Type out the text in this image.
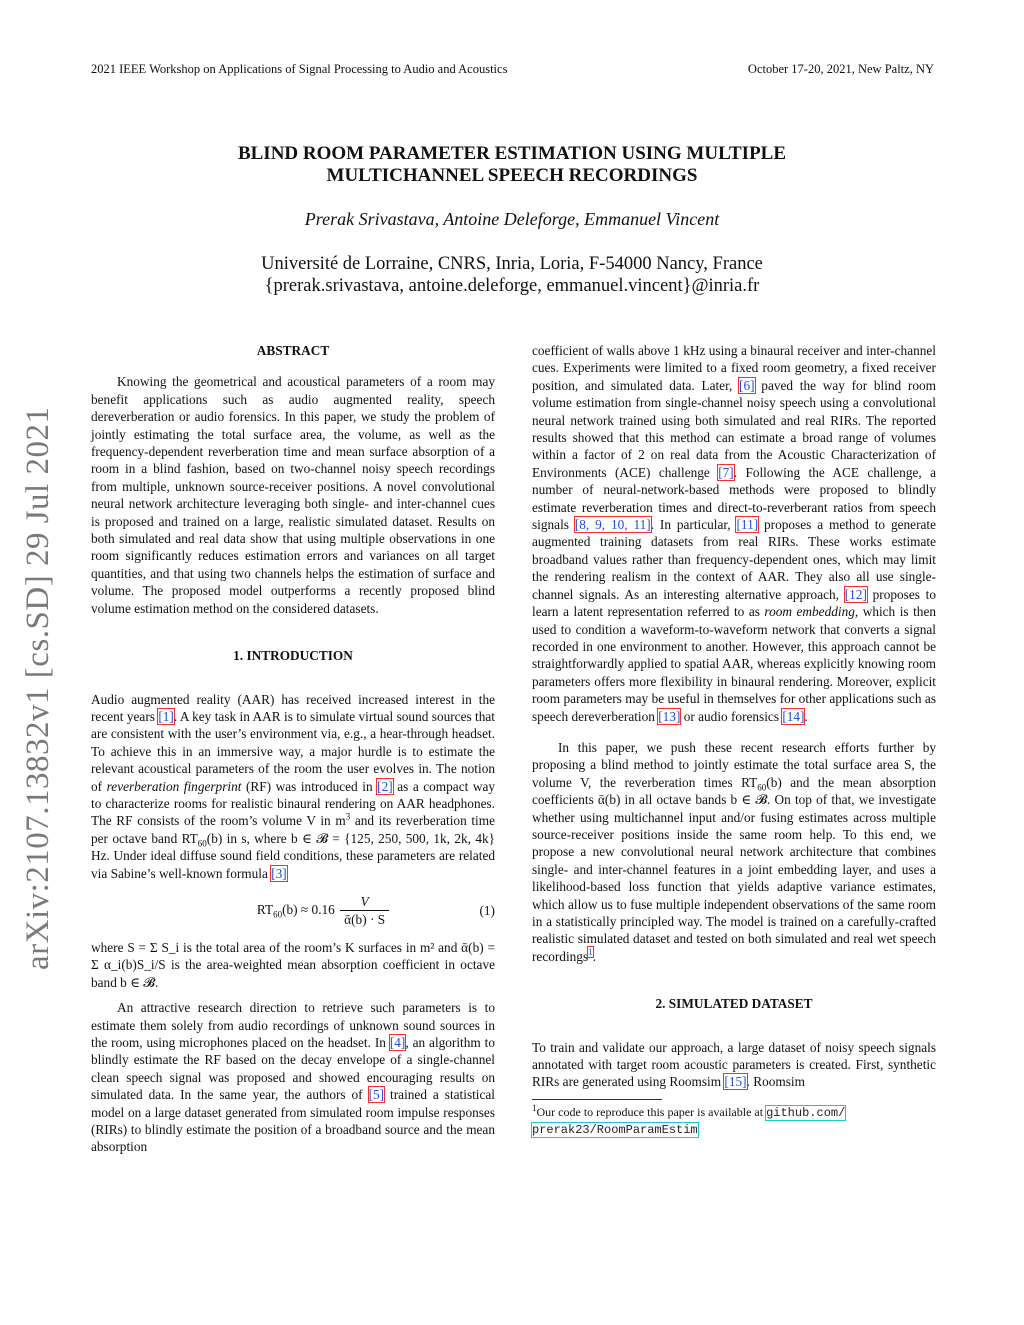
2021 IEEE Workshop on Applications of Signal Processing to Audio and Acoustics	October 17-20, 2021, New Paltz, NY
arXiv:2107.13832v1 [cs.SD] 29 Jul 2021
BLIND ROOM PARAMETER ESTIMATION USING MULTIPLE
MULTICHANNEL SPEECH RECORDINGS
Prerak Srivastava, Antoine Deleforge, Emmanuel Vincent
Université de Lorraine, CNRS, Inria, Loria, F-54000 Nancy, France
{prerak.srivastava, antoine.deleforge, emmanuel.vincent}@inria.fr

ABSTRACT

Knowing the geometrical and acoustical parameters of a room may benefit applications such as audio augmented reality, speech dereverberation or audio forensics. In this paper, we study the problem of jointly estimating the total surface area, the volume, as well as the frequency-dependent reverberation time and mean surface absorption of a room in a blind fashion, based on two-channel noisy speech recordings from multiple, unknown source-receiver positions. A novel convolutional neural network architecture leveraging both single- and inter-channel cues is proposed and trained on a large, realistic simulated dataset. Results on both simulated and real data show that using multiple observations in one room significantly reduces estimation errors and variances on all target quantities, and that using two channels helps the estimation of surface and volume. The proposed model outperforms a recently proposed blind volume estimation method on the considered datasets.

1. INTRODUCTION

Audio augmented reality (AAR) has received increased interest in the recent years [1]. A key task in AAR is to simulate virtual sound sources that are consistent with the user’s environment via, e.g., a hear-through headset. To achieve this in an immersive way, a major hurdle is to estimate the relevant acoustical parameters of the room the user evolves in. The notion of reverberation fingerprint (RF) was introduced in [2] as a compact way to characterize rooms for realistic binaural rendering on AAR headphones. The RF consists of the room’s volume V in $m^3$ and its reverberation time per octave band $RT_{60}(b)$ in s, where b ∈ 𝓑 = {125, 250, 500, 1k, 2k, 4k} Hz. Under ideal diffuse sound field conditions, these parameters are related via Sabine’s well-known formula [3]

$RT_{60}(b) \approx 0.16 \frac{V}{\text{ᾱ(b) · S}}$	(1)

where S = Σ S_i is the total area of the room’s K surfaces in m² and ᾱ(b) = Σ α_i(b)S_i/S is the area-weighted mean absorption coefficient in octave band b ∈ 𝓑.

An attractive research direction to retrieve such parameters is to estimate them solely from audio recordings of unknown sound sources in the room, using microphones placed on the headset. In [4], an algorithm to blindly estimate the RF based on the decay envelope of a single-channel clean speech signal was proposed and showed encouraging results on simulated data. In the same year, the authors of [5] trained a statistical model on a large dataset generated from simulated room impulse responses (RIRs) to blindly estimate the position of a broadband source and the mean absorption

coefficient of walls above 1 kHz using a binaural receiver and inter-channel cues. Experiments were limited to a fixed room geometry, a fixed receiver position, and simulated data. Later, [6] paved the way for blind room volume estimation from single-channel noisy speech using a convolutional neural network trained using both simulated and real RIRs. The reported results showed that this method can estimate a broad range of volumes within a factor of 2 on real data from the Acoustic Characterization of Environments (ACE) challenge [7]. Following the ACE challenge, a number of neural-network-based methods were proposed to blindly estimate reverberation times and direct-to-reverberant ratios from speech signals [8, 9, 10, 11]. In particular, [11] proposes a method to generate augmented training datasets from real RIRs. These works estimate broadband values rather than frequency-dependent ones, which may limit the rendering realism in the context of AAR. They also all use single-channel signals. As an interesting alternative approach, [12] proposes to learn a latent representation referred to as room embedding, which is then used to condition a waveform-to-waveform network that converts a signal recorded in one environment to another. However, this approach cannot be straightforwardly applied to spatial AAR, whereas explicitly knowing room parameters offers more flexibility in binaural rendering. Moreover, explicit room parameters may be useful in themselves for other applications such as speech dereverberation [13] or audio forensics [14].

In this paper, we push these recent research efforts further by proposing a blind method to jointly estimate the total surface area S, the volume V, the reverberation times $RT_{60}(b)$ and the mean absorption coefficients ᾱ(b) in all octave bands b ∈ 𝓑. On top of that, we investigate whether using multichannel input and/or fusing estimates across multiple source-receiver positions inside the same room help. To this end, we propose a new convolutional neural network architecture that combines single- and inter-channel features in a joint embedding layer, and uses a likelihood-based loss function that yields adaptive variance estimates, which allow us to fuse multiple independent observations of the same room in a statistically principled way. The model is trained on a carefully-crafted realistic simulated dataset and tested on both simulated and real wet speech recordings$^1$.

2. SIMULATED DATASET

To train and validate our approach, a large dataset of noisy speech signals annotated with target room acoustic parameters is created. First, synthetic RIRs are generated using Roomsim [15]. Roomsim

$^1$Our code to reproduce this paper is available at github.com/
prerak23/RoomParamEstim
